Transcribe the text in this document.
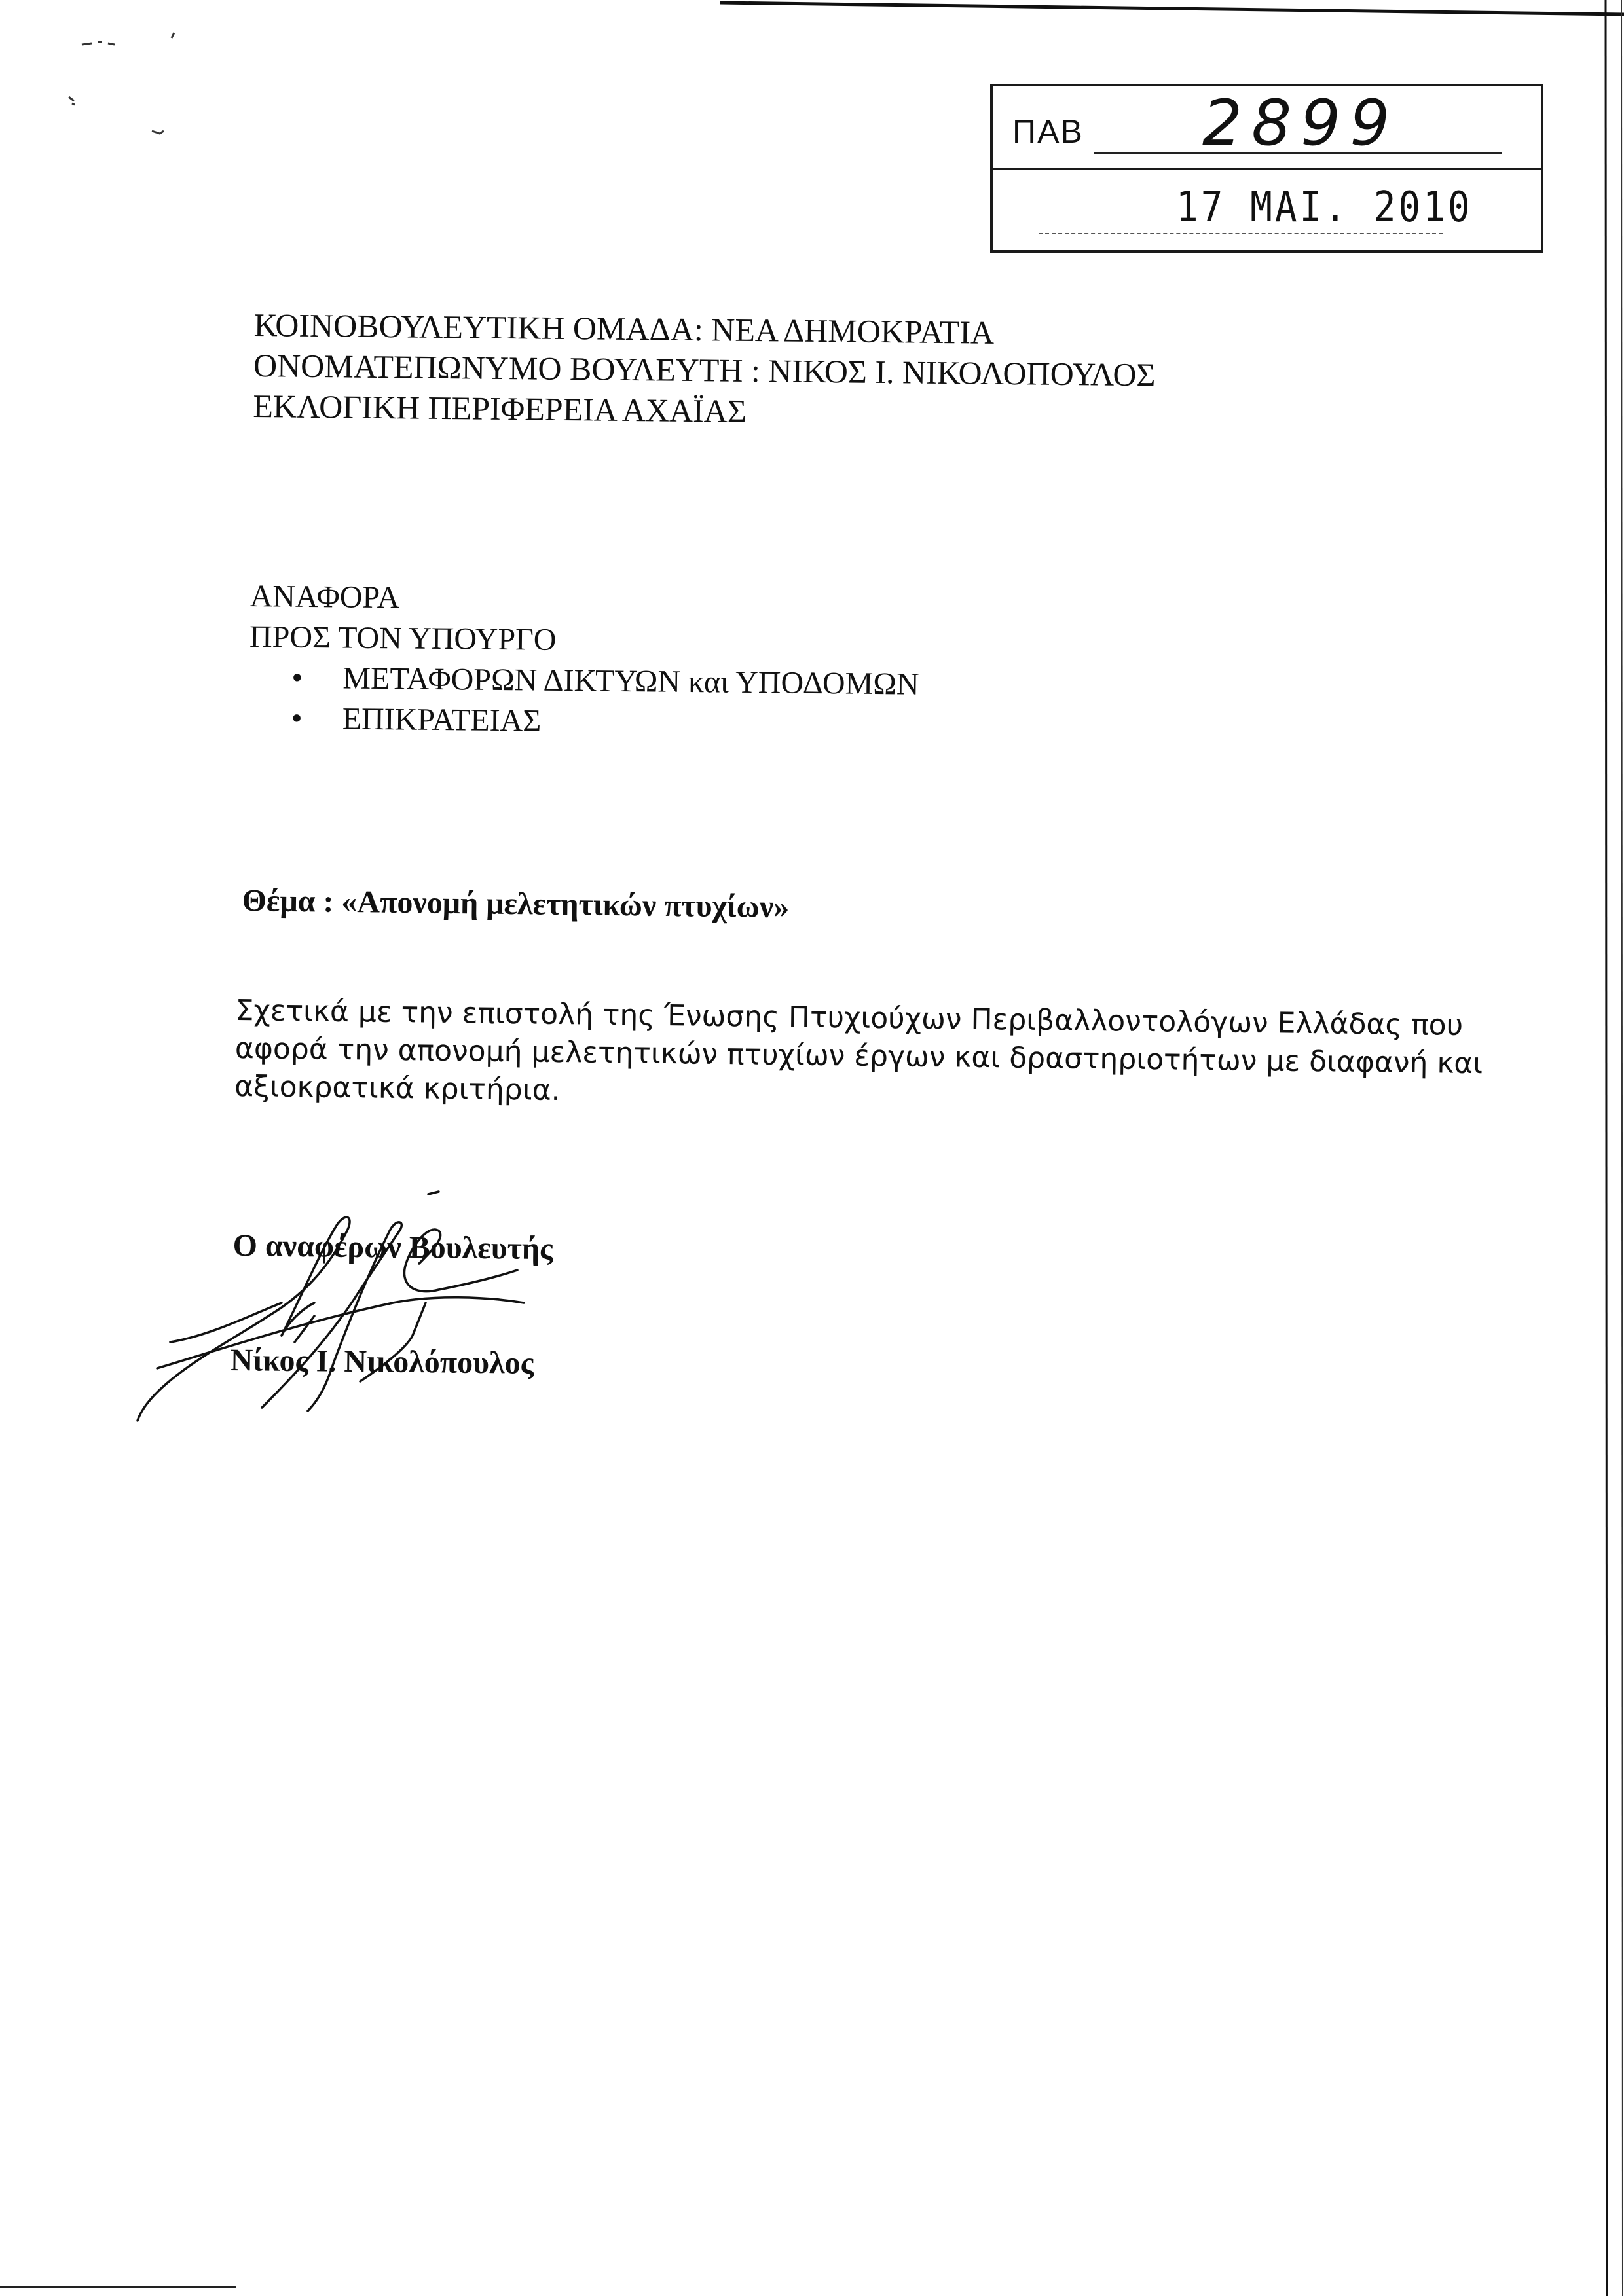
ΠΑΒ 2899
17 MAI. 2010
ΚΟΙΝΟΒΟΥΛΕΥΤΙΚΗ ΟΜΑΔΑ: ΝΕΑ ΔΗΜΟΚΡΑΤΙΑ
ΟΝΟΜΑΤΕΠΩΝΥΜΟ ΒΟΥΛΕΥΤΗ : ΝΙΚΟΣ Ι. ΝΙΚΟΛΟΠΟΥΛΟΣ
ΕΚΛΟΓΙΚΗ ΠΕΡΙΦΕΡΕΙΑ ΑΧΑΪΑΣ
ΑΝΑΦΟΡΑ
ΠΡΟΣ ΤΟΝ ΥΠΟΥΡΓΟ
• ΜΕΤΑΦΟΡΩΝ ΔΙΚΤΥΩΝ και ΥΠΟΔΟΜΩΝ
• ΕΠΙΚΡΑΤΕΙΑΣ
Θέμα : «Απονομή μελετητικών πτυχίων»
Σχετικά με την επιστολή της Ένωσης Πτυχιούχων Περιβαλλοντολόγων Ελλάδας που
αφορά την απονομή μελετητικών πτυχίων έργων και δραστηριοτήτων με διαφανή και
αξιοκρατικά κριτήρια.
Ο αναφέρων Βουλευτής
Νίκος Ι. Νικολόπουλος
